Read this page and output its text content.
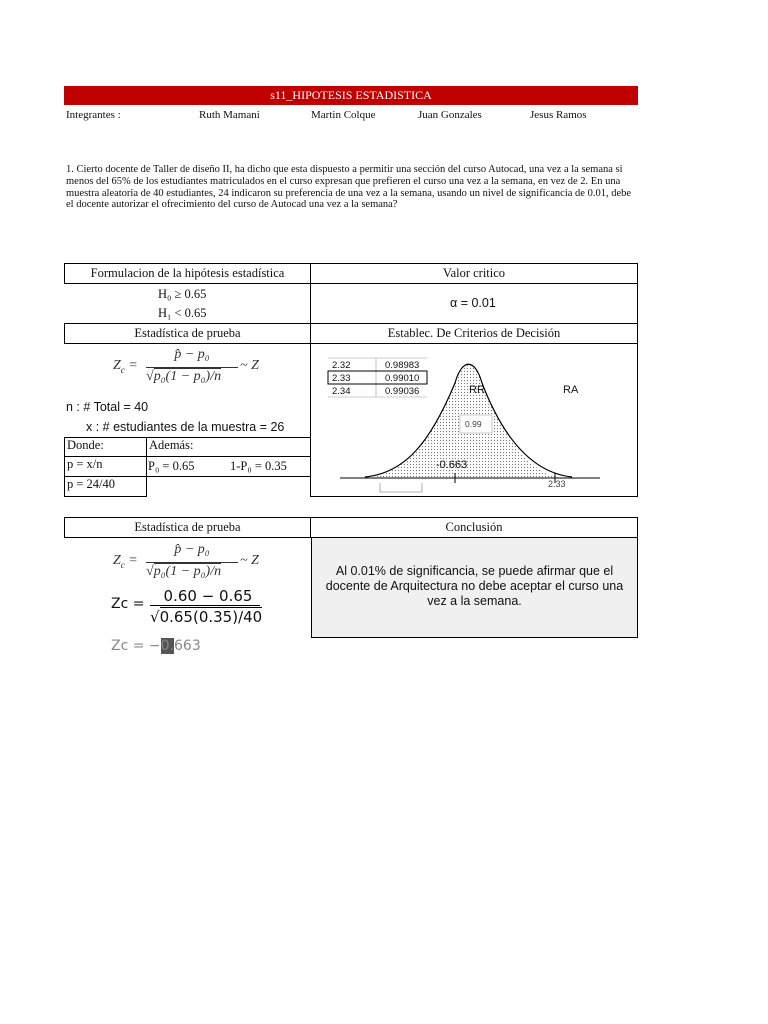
s11_HIPOTESIS ESTADISTICA
Integrantes :	Ruth Mamani	Martin Colque	Juan Gonzales	Jesus Ramos
1. Cierto docente de Taller de diseño II, ha dicho que esta dispuesto a permitir una sección del curso Autocad, una vez a la semana si menos del 65% de los estudiantes matriculados en el curso expresan que prefieren el curso una vez a la semana, en vez de 2. En una muestra aleatoria de 40 estudiantes, 24 indicaron su preferencia de una vez a la semana, usando un nivel de significancia de 0.01, debe el docente autorizar el ofrecimiento del curso de Autocad una vez a la semana?
Formulacion de la hipótesis estadística	Valor critico
H₀ ≥ 0.65
H₁ < 0.65
α = 0.01
Estadística de prueba	Establec. De Criterios de Decisión
$Z_c$ =
p̂ − p₀
√p₀(1 − p₀)/n
~ Z
n : # Total = 40
x : # estudiantes de la muestra = 26
Donde:	Además:
p = x/n	P₀ = 0.65	1-P₀ = 0.35
p = 24/40
2.32	0.98983
2.33	0.99010
2.34	0.99036	RR	RA
0.99
-0.663
2.33
Estadística de prueba	Conclusión
$Z_c$ =
p̂ − p₀
√p₀(1 − p₀)/n
~ Z
Zc =	0.60 − 0.65
√0.65(0.35)/40
Zc = −0.663
Al 0.01% de significancia, se puede afirmar que el docente de Arquitectura no debe aceptar el curso una vez a la semana.
